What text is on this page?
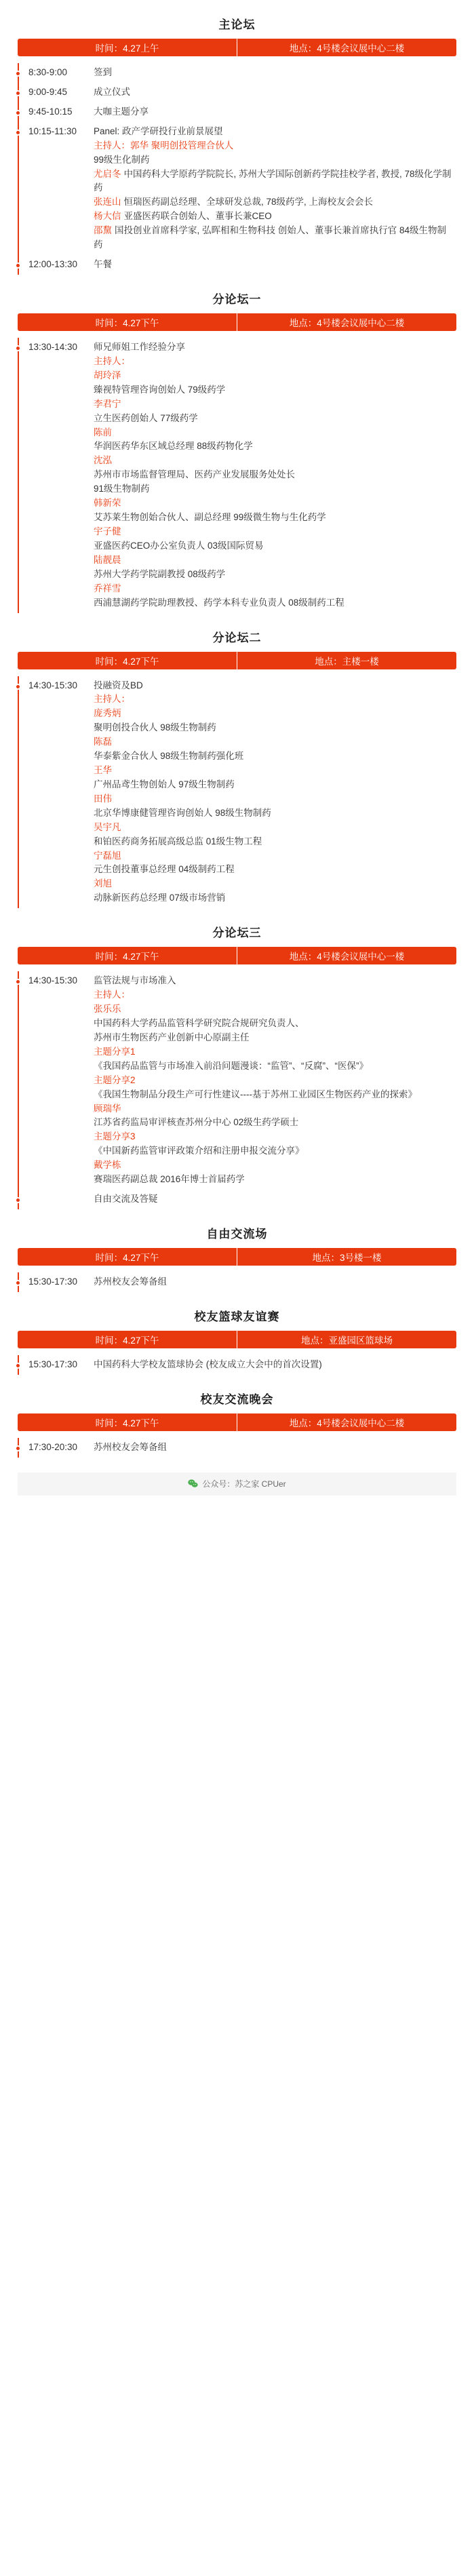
主论坛
时间：4.27上午	地点：4号楼会议展中心二楼
8:30-9:00	签到
9:00-9:45	成立仪式
9:45-10:15	大咖主题分享
10:15-11:30	Panel: 政产学研投行业前景展望
主持人：郭华 聚明创投管理合伙人
99级生化制药
尤启冬 中国药科大学原药学院院长, 苏州大学国际创新药学院挂校学者, 教授, 78级化学制药
张连山 恒瑞医药副总经理、全球研发总裁, 78级药学, 上海校友会会长
杨大信 亚盛医药联合创始人、董事长兼CEO
邵黧 国投创业首席科学家, 弘晖相和生物科技 创始人、董事长兼首席执行官 84级生物制药
12:00-13:30	午餐
分论坛一
时间：4.27下午	地点：4号楼会议展中心二楼
13:30-14:30	师兄师姐工作经验分享
主持人：
胡玲泽
臻视特管理咨询创始人 79级药学
李君宁
立生医药创始人 77级药学
陈前
华润医药华东区域总经理 88级药物化学
沈泓
苏州市市场监督管理局、医药产业发展服务处处长
91级生物制药
韩新荣
艾苏莱生物创始合伙人、副总经理 99级微生物与生化药学
宇子健
亚盛医药CEO办公室负责人 03级国际贸易
陆靓晨
苏州大学药学院副教授 08级药学
乔祥雪
西浦慧湖药学院助理教授、药学本科专业负责人 08级制药工程
分论坛二
时间：4.27下午	地点：主楼一楼
14:30-15:30	投融资及BD
主持人：
庞秀炳
聚明创投合伙人 98级生物制药
陈磊
华泰紫金合伙人 98级生物制药强化班
王华
广州品鸢生物创始人 97级生物制药
田伟
北京华博康健管理咨询创始人 98级生物制药
吴宇凡
和铂医药商务拓展高级总监 01级生物工程
宁磊旭
元生创投董事总经理 04级制药工程
刘旭
动脉新医药总经理 07级市场营销
分论坛三
时间：4.27下午	地点：4号楼会议展中心一楼
14:30-15:30	监管法规与市场准入
主持人：
张乐乐
中国药科大学药品监管科学研究院合规研究负责人、
苏州市生物医药产业创新中心原副主任
主题分享1
《我国药品监管与市场准入前沿问题漫谈：“监管”、“反腐”、“医保”》
主题分享2
《我国生物制品分段生产可行性建议----基于苏州工业园区生物医药产业的探索》
顾瑞华
江苏省药监局审评核查苏州分中心 02级生药学硕士
主题分享3
《中国新药监管审评政策介绍和注册申报交流分享》
戴学栋
赛瑞医药副总裁 2016年博士首届药学
自由交流及答疑
自由交流场
时间：4.27下午	地点：3号楼一楼
15:30-17:30	苏州校友会筹备组
校友篮球友谊赛
时间：4.27下午	地点：亚盛园区篮球场
15:30-17:30	中国药科大学校友篮球协会 (校友成立大会中的首次设置)
校友交流晚会
时间：4.27下午	地点：4号楼会议展中心二楼
17:30-20:30	苏州校友会筹备组
公众号：苏之家 CPUer
